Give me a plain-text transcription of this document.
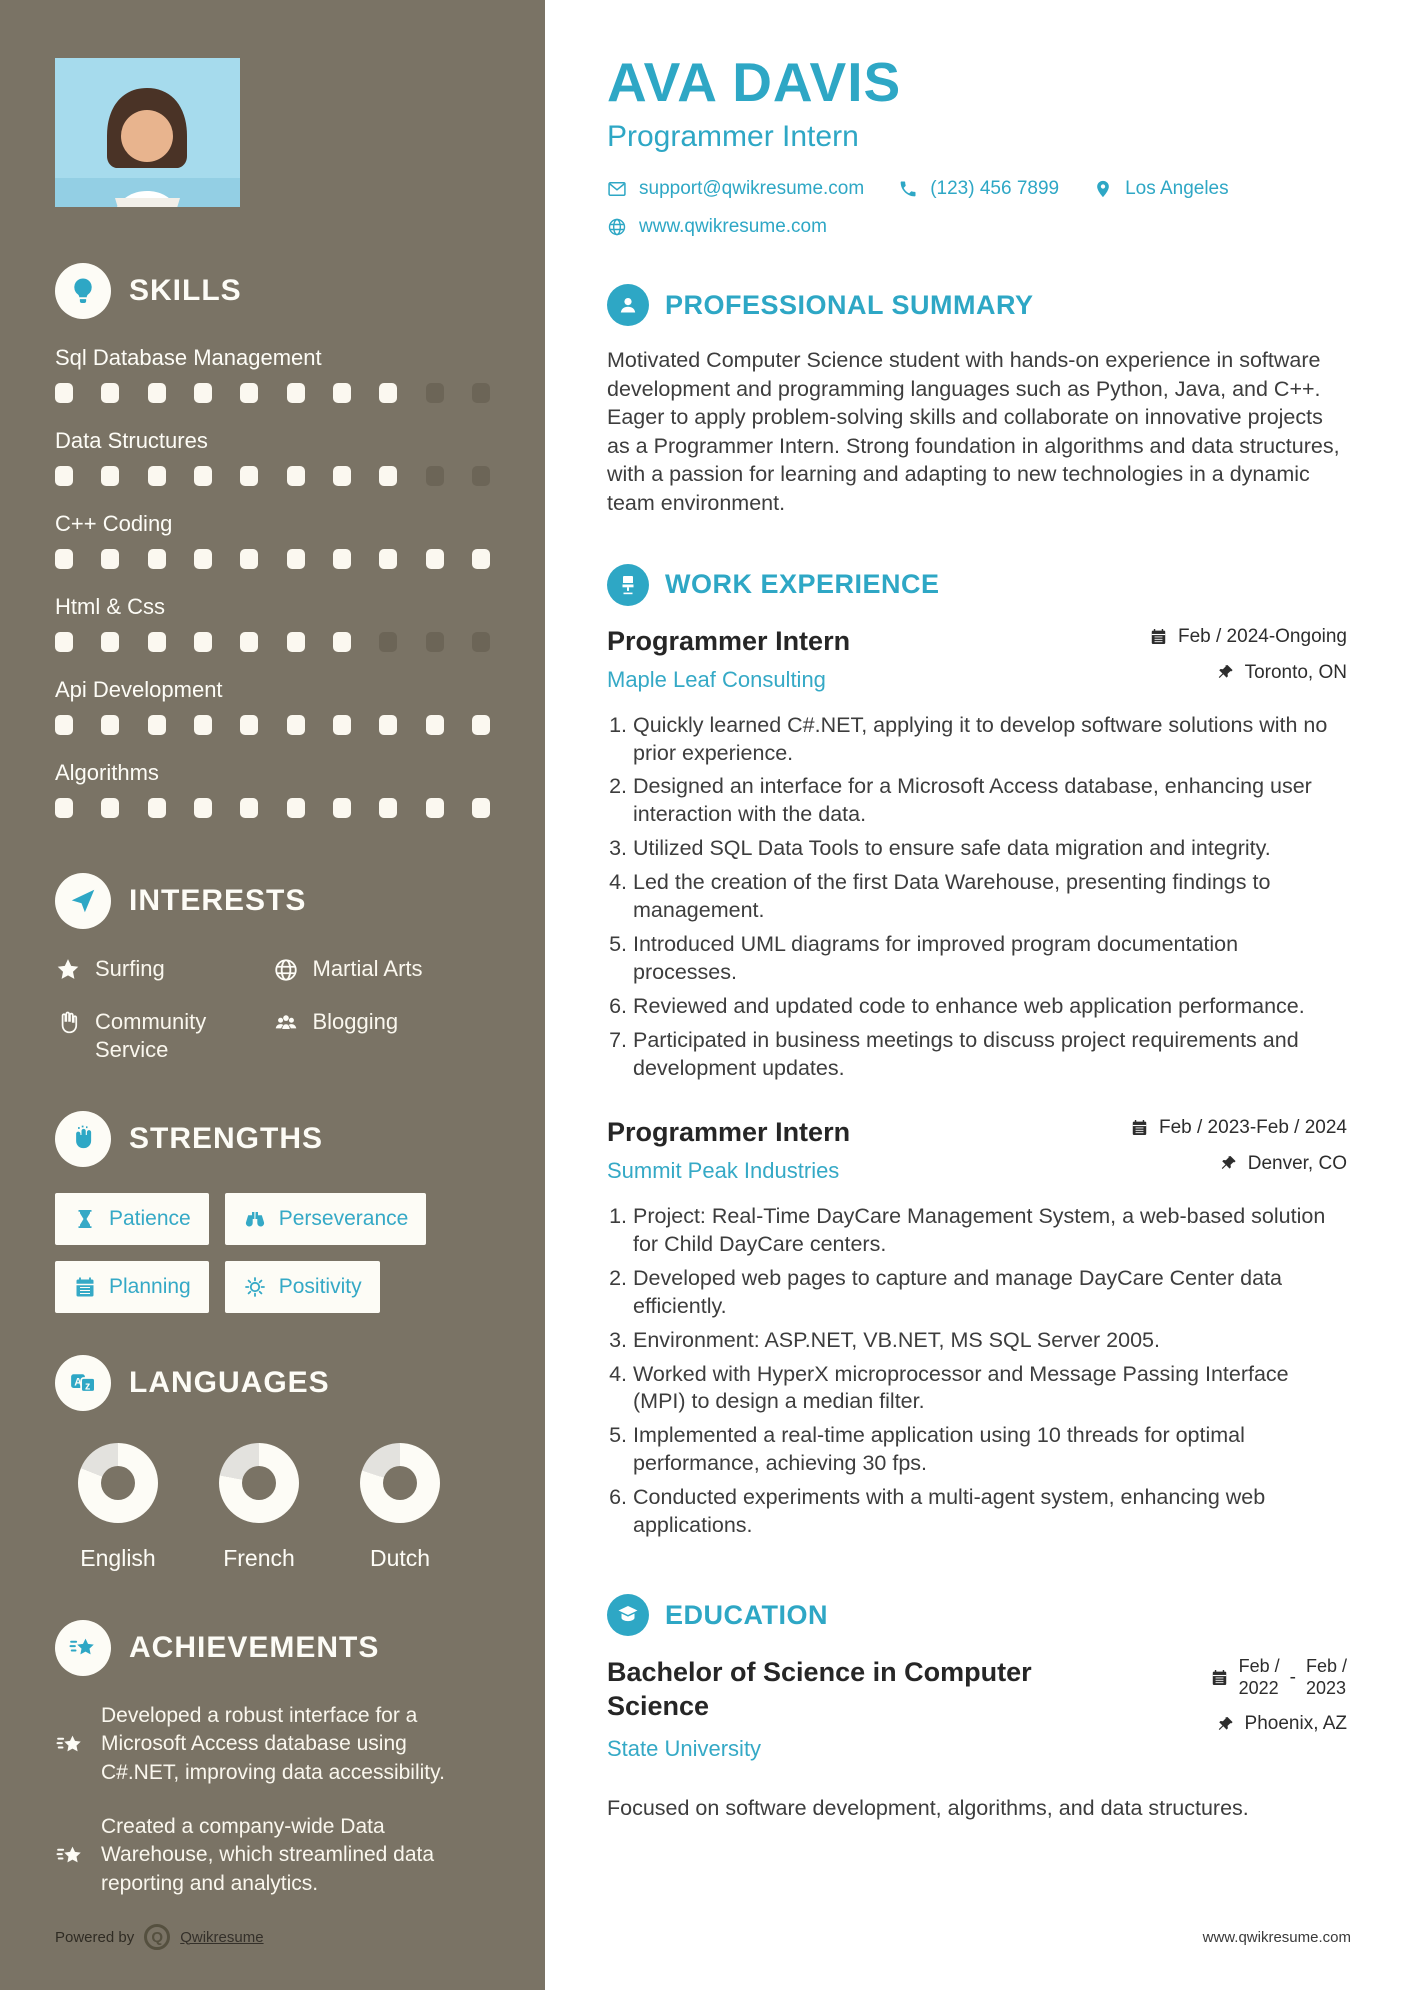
SKILLS
Sql Database Management
Data Structures
C++ Coding
Html & Css
Api Development
Algorithms
INTERESTS
Surfing	Martial Arts
Community Service
Blogging
STRENGTHS
Patience	Perseverance
Planning	Positivity
A z LANGUAGES
English	French	Dutch
ACHIEVEMENTS
Developed a robust interface for a Microsoft Access database using C#.NET, improving data accessibility.
Created a company-wide Data Warehouse, which streamlined data reporting and analytics.
Powered by	Q	Qwikresume
AVA DAVIS
Programmer Intern
support@qwikresume.com	(123) 456 7899	Los Angeles
www.qwikresume.com
PROFESSIONAL SUMMARY

Motivated Computer Science student with hands-on experience in software development and programming languages such as Python, Java, and C++. Eager to apply problem-solving skills and collaborate on innovative projects as a Programmer Intern. Strong foundation in algorithms and data structures, with a passion for learning and adapting to new technologies in a dynamic team environment.

WORK EXPERIENCE
Programmer Intern
Maple Leaf Consulting
Feb / 2024-Ongoing
Toronto, ON
1. Quickly learned C#.NET, applying it to develop software solutions with no prior experience.
2. Designed an interface for a Microsoft Access database, enhancing user interaction with the data.
3. Utilized SQL Data Tools to ensure safe data migration and integrity.
4. Led the creation of the first Data Warehouse, presenting findings to management.
5. Introduced UML diagrams for improved program documentation processes.
6. Reviewed and updated code to enhance web application performance.
7. Participated in business meetings to discuss project requirements and development updates.
Programmer Intern
Summit Peak Industries
Feb / 2023-Feb / 2024
Denver, CO
1. Project: Real-Time DayCare Management System, a web-based solution for Child DayCare centers.
2. Developed web pages to capture and manage DayCare Center data efficiently.
3. Environment: ASP.NET, VB.NET, MS SQL Server 2005.
4. Worked with HyperX microprocessor and Message Passing Interface (MPI) to design a median filter.
5. Implemented a real-time application using 10 threads for optimal performance, achieving 30 fps.
6. Conducted experiments with a multi-agent system, enhancing web applications.
EDUCATION
Bachelor of Science in Computer Science
State University
Feb /
2022 -
Feb /
2023
Phoenix, AZ

Focused on software development, algorithms, and data structures.

www.qwikresume.com
